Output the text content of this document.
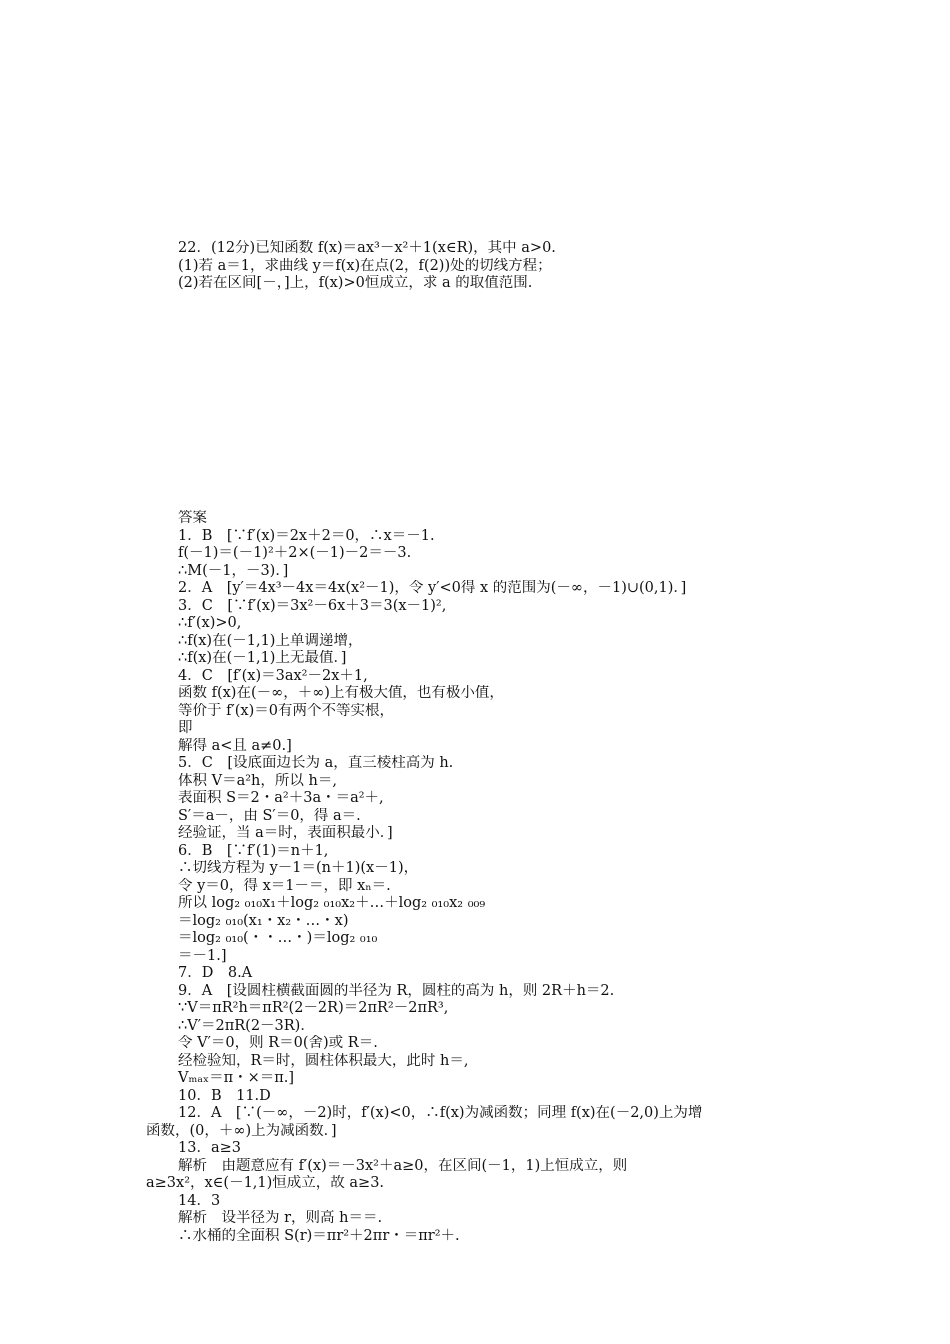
22．(12分)已知函数 f(x)＝ax³－x²＋1(x∈R)，其中 a>0.
(1)若 a＝1，求曲线 y＝f(x)在点(2，f(2))处的切线方程；
(2)若在区间[－，]上，f(x)>0恒成立，求 a 的取值范围.
答案
1．B　[∵f′(x)＝2x＋2＝0，∴x＝－1.
f(－1)＝(－1)²＋2×(－1)－2＝－3.
∴M(－1，－3)．]
2．A　[y′＝4x³－4x＝4x(x²－1)，令 y′<0得 x 的范围为(－∞，－1)∪(0,1)．]
3．C　[∵f′(x)＝3x²－6x＋3＝3(x－1)²,
∴f′(x)>0,
∴f(x)在(－1,1)上单调递增，
∴f(x)在(－1,1)上无最值．]
4．C　[f′(x)＝3ax²－2x＋1,
函数 f(x)在(－∞，＋∞)上有极大值，也有极小值，
等价于 f′(x)＝0有两个不等实根，
即
解得 a<且 a≠0.]
5．C　[设底面边长为 a，直三棱柱高为 h.
体积 V＝a²h，所以 h＝,
表面积 S＝2・a²＋3a・＝a²＋,
S′＝a－，由 S′＝0，得 a＝.
经验证，当 a＝时，表面积最小．]
6．B　[∵f′(1)＝n＋1,
∴切线方程为 y－1＝(n＋1)(x－1)，
令 y＝0，得 x＝1－＝，即 xₙ＝.
所以 log₂ ₀₁₀x₁＋log₂ ₀₁₀x₂＋…＋log₂ ₀₁₀x₂ ₀₀₉
＝log₂ ₀₁₀(x₁・x₂・…・x)
＝log₂ ₀₁₀(・・…・)＝log₂ ₀₁₀
＝－1.]
7．D　8.A
9．A　[设圆柱横截面圆的半径为 R，圆柱的高为 h，则 2R＋h＝2.
∵V＝πR²h＝πR²(2－2R)＝2πR²－2πR³,
∴V′＝2πR(2－3R)．
令 V′＝0，则 R＝0(舍)或 R＝.
经检验知，R＝时，圆柱体积最大，此时 h＝,
Vₘₐₓ＝π・×＝π.]
10．B　11.D
12．A　[∵(－∞，－2)时，f′(x)<0，∴f(x)为减函数；同理 f(x)在(－2,0)上为增
函数，(0，＋∞)上为减函数．]
13．a≥3
解析　由题意应有 f′(x)＝－3x²＋a≥0，在区间(－1，1)上恒成立，则
a≥3x²，x∈(－1,1)恒成立，故 a≥3.
14．3
解析　设半径为 r，则高 h＝＝.
∴水桶的全面积 S(r)＝πr²＋2πr・＝πr²＋.
